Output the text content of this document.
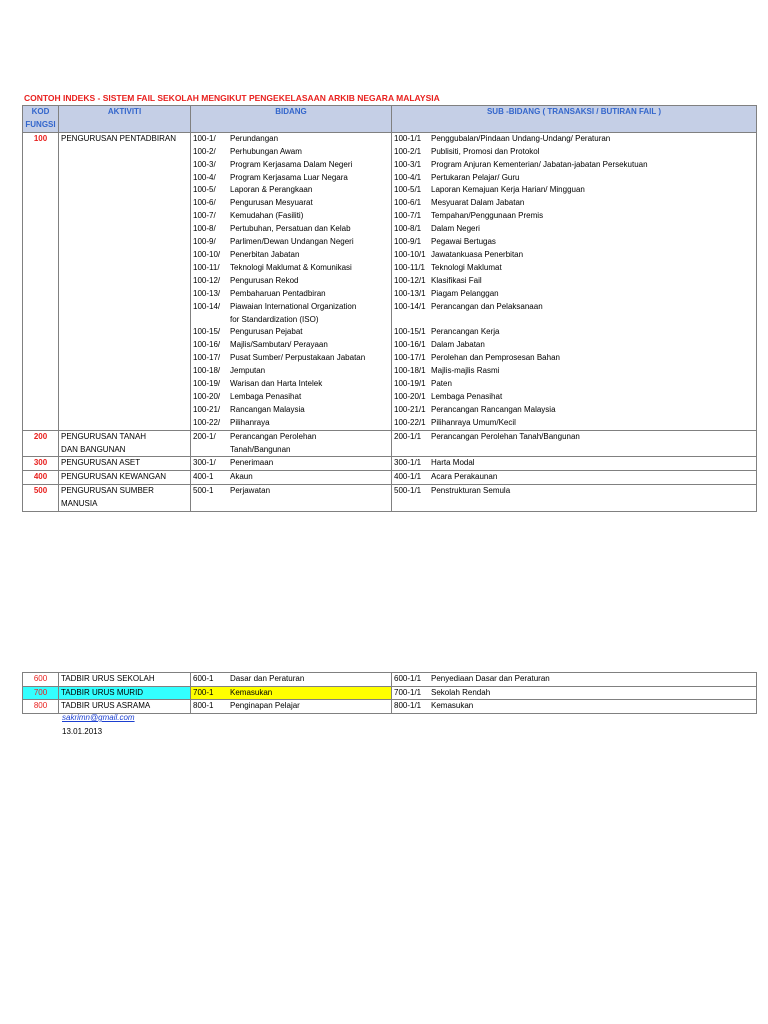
CONTOH INDEKS - SISTEM FAIL SEKOLAH MENGIKUT PENGEKELASAAN ARKIB NEGARA MALAYSIA
KOD
FUNGSI	AKTIVITI	BIDANG	SUB -BIDANG ( TRANSAKSI / BUTIRAN FAIL )
100	PENGURUSAN PENTADBIRAN	100-1/ Perundangan	100-1/1 Penggubalan/Pindaan Undang-Undang/ Peraturan
		100-2/ Perhubungan Awam	100-2/1 Publisiti, Promosi dan Protokol
		100-3/ Program Kerjasama Dalam Negeri	100-3/1 Program Anjuran Kementerian/ Jabatan-jabatan Persekutuan
		100-4/ Program Kerjasama Luar Negara	100-4/1 Pertukaran Pelajar/ Guru
		100-5/ Laporan & Perangkaan	100-5/1 Laporan Kemajuan Kerja Harian/ Mingguan
		100-6/ Pengurusan Mesyuarat	100-6/1 Mesyuarat Dalam Jabatan
		100-7/ Kemudahan (Fasiliti)	100-7/1 Tempahan/Penggunaan Premis
		100-8/ Pertubuhan, Persatuan dan Kelab	100-8/1 Dalam Negeri
		100-9/ Parlimen/Dewan Undangan Negeri	100-9/1 Pegawai Bertugas
		100-10/ Penerbitan Jabatan	100-10/1 Jawatankuasa Penerbitan
		100-11/ Teknologi Maklumat & Komunikasi	100-11/1 Teknologi Maklumat
		100-12/ Pengurusan Rekod	100-12/1 Klasifikasi Fail
		100-13/ Pembaharuan Pentadbiran	100-13/1 Piagam Pelanggan
		100-14/ Piawaian International Organization	100-14/1 Perancangan dan Pelaksanaan
		for Standardization (ISO)	
		100-15/ Pengurusan Pejabat	100-15/1 Perancangan Kerja
		100-16/ Majlis/Sambutan/ Perayaan	100-16/1 Dalam Jabatan
		100-17/ Pusat Sumber/ Perpustakaan Jabatan	100-17/1 Perolehan dan Pemprosesan Bahan
		100-18/ Jemputan	100-18/1 Majlis-majlis Rasmi
		100-19/ Warisan dan Harta Intelek	100-19/1 Paten
		100-20/ Lembaga Penasihat	100-20/1 Lembaga Penasihat
		100-21/ Rancangan Malaysia	100-21/1 Perancangan Rancangan Malaysia
		100-22/ Pilihanraya	100-22/1 Pilihanraya Umum/Kecil
200	PENGURUSAN TANAH	200-1/ Perancangan Perolehan	200-1/1 Perancangan Perolehan Tanah/Bangunan
	DAN BANGUNAN	Tanah/Bangunan	
300	PENGURUSAN ASET	300-1/ Penerimaan	300-1/1 Harta Modal
400	PENGURUSAN KEWANGAN	400-1 Akaun	400-1/1 Acara Perakaunan
500	PENGURUSAN SUMBER	500-1 Perjawatan	500-1/1 Penstrukturan Semula
	MANUSIA		
600	TADBIR URUS SEKOLAH	600-1 Dasar dan Peraturan	600-1/1 Penyediaan Dasar dan Peraturan
700	TADBIR URUS MURID	700-1 Kemasukan	700-1/1 Sekolah Rendah
800	TADBIR URUS ASRAMA	800-1 Penginapan Pelajar	800-1/1 Kemasukan
sakrimn@gmail.com
13.01.2013
